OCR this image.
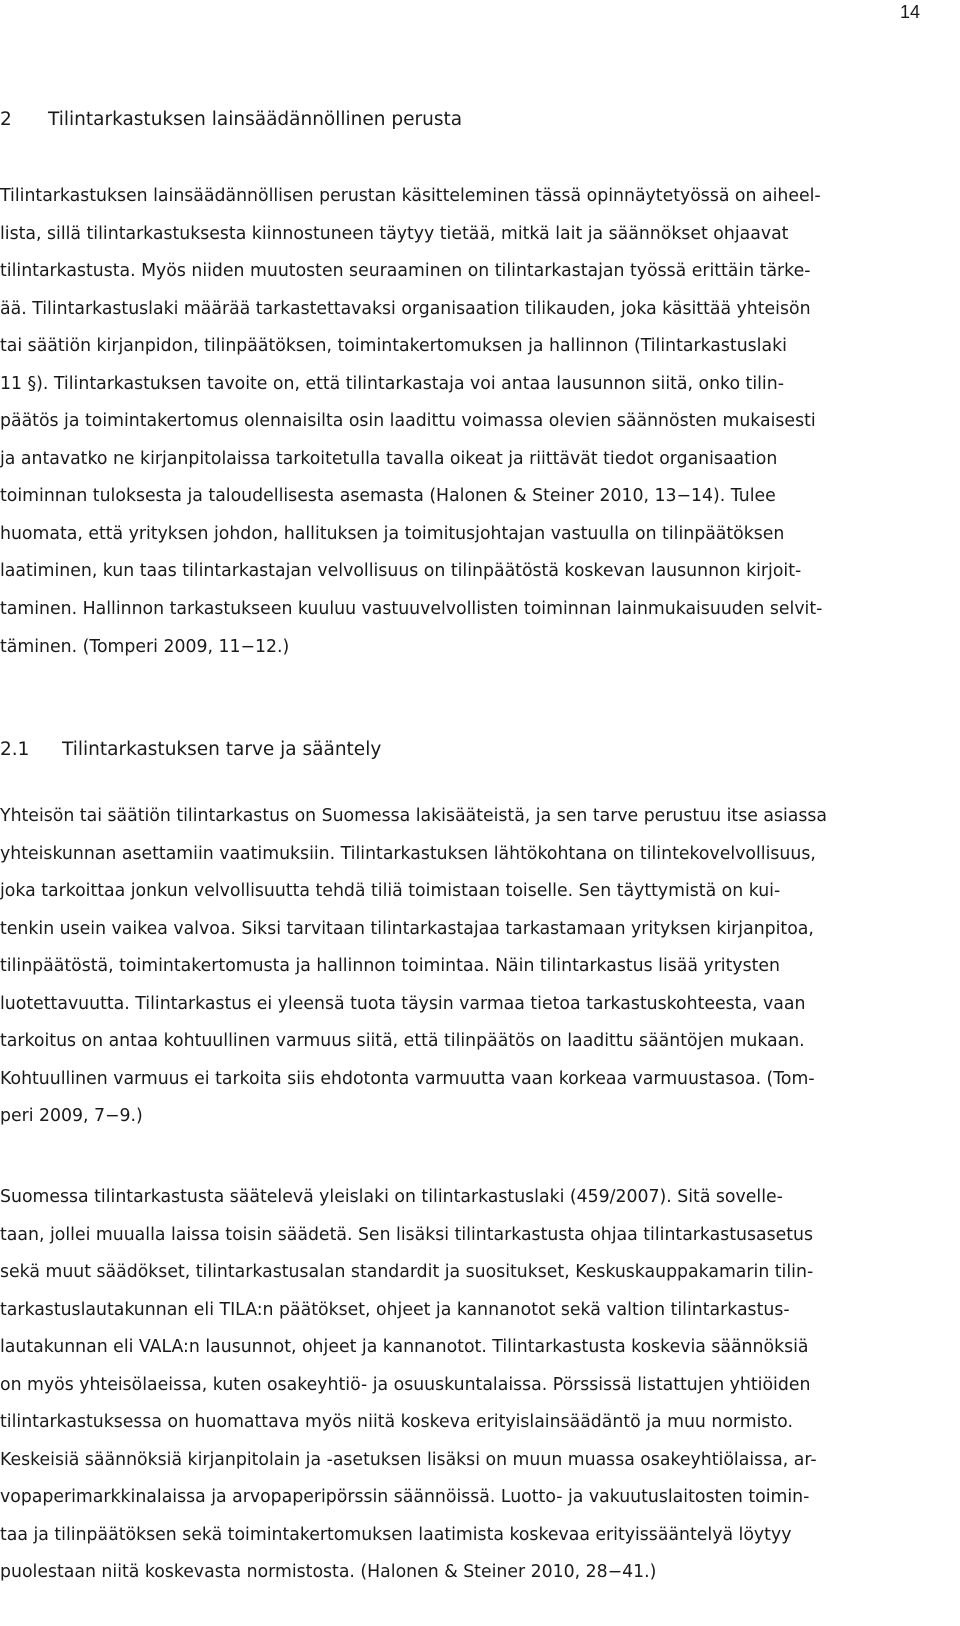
14
2 Tilintarkastuksen lainsäädännöllinen perusta
Tilintarkastuksen lainsäädännöllisen perustan käsitteleminen tässä opinnäytetyössä on aiheel-
lista, sillä tilintarkastuksesta kiinnostuneen täytyy tietää, mitkä lait ja säännökset ohjaavat
tilintarkastusta. Myös niiden muutosten seuraaminen on tilintarkastajan työssä erittäin tärke-
ää. Tilintarkastuslaki määrää tarkastettavaksi organisaation tilikauden, joka käsittää yhteisön
tai säätiön kirjanpidon, tilinpäätöksen, toimintakertomuksen ja hallinnon (Tilintarkastuslaki
11 §). Tilintarkastuksen tavoite on, että tilintarkastaja voi antaa lausunnon siitä, onko tilin-
päätös ja toimintakertomus olennaisilta osin laadittu voimassa olevien säännösten mukaisesti
ja antavatko ne kirjanpitolaissa tarkoitetulla tavalla oikeat ja riittävät tiedot organisaation
toiminnan tuloksesta ja taloudellisesta asemasta (Halonen & Steiner 2010, 13−14). Tulee
huomata, että yrityksen johdon, hallituksen ja toimitusjohtajan vastuulla on tilinpäätöksen
laatiminen, kun taas tilintarkastajan velvollisuus on tilinpäätöstä koskevan lausunnon kirjoit-
taminen. Hallinnon tarkastukseen kuuluu vastuuvelvollisten toiminnan lainmukaisuuden selvit-
täminen. (Tomperi 2009, 11−12.)
2.1 Tilintarkastuksen tarve ja sääntely
Yhteisön tai säätiön tilintarkastus on Suomessa lakisääteistä, ja sen tarve perustuu itse asiassa
yhteiskunnan asettamiin vaatimuksiin. Tilintarkastuksen lähtökohtana on tilintekovelvollisuus,
joka tarkoittaa jonkun velvollisuutta tehdä tiliä toimistaan toiselle. Sen täyttymistä on kui-
tenkin usein vaikea valvoa. Siksi tarvitaan tilintarkastajaa tarkastamaan yrityksen kirjanpitoa,
tilinpäätöstä, toimintakertomusta ja hallinnon toimintaa. Näin tilintarkastus lisää yritysten
luotettavuutta. Tilintarkastus ei yleensä tuota täysin varmaa tietoa tarkastuskohteesta, vaan
tarkoitus on antaa kohtuullinen varmuus siitä, että tilinpäätös on laadittu sääntöjen mukaan.
Kohtuullinen varmuus ei tarkoita siis ehdotonta varmuutta vaan korkeaa varmuustasoa. (Tom-
peri 2009, 7−9.)
Suomessa tilintarkastusta säätelevä yleislaki on tilintarkastuslaki (459/2007). Sitä sovelle-
taan, jollei muualla laissa toisin säädetä. Sen lisäksi tilintarkastusta ohjaa tilintarkastusasetus
sekä muut säädökset, tilintarkastusalan standardit ja suositukset, Keskuskauppakamarin tilin-
tarkastuslautakunnan eli TILA:n päätökset, ohjeet ja kannanotot sekä valtion tilintarkastus-
lautakunnan eli VALA:n lausunnot, ohjeet ja kannanotot. Tilintarkastusta koskevia säännöksiä
on myös yhteisölaeissa, kuten osakeyhtiö- ja osuuskuntalaissa. Pörssissä listattujen yhtiöiden
tilintarkastuksessa on huomattava myös niitä koskeva erityislainsäädäntö ja muu normisto.
Keskeisiä säännöksiä kirjanpitolain ja -asetuksen lisäksi on muun muassa osakeyhtiölaissa, ar-
vopaperimarkkinalaissa ja arvopaperipörssin säännöissä. Luotto- ja vakuutuslaitosten toimin-
taa ja tilinpäätöksen sekä toimintakertomuksen laatimista koskevaa erityissääntelyä löytyy
puolestaan niitä koskevasta normistosta. (Halonen & Steiner 2010, 28−41.)
